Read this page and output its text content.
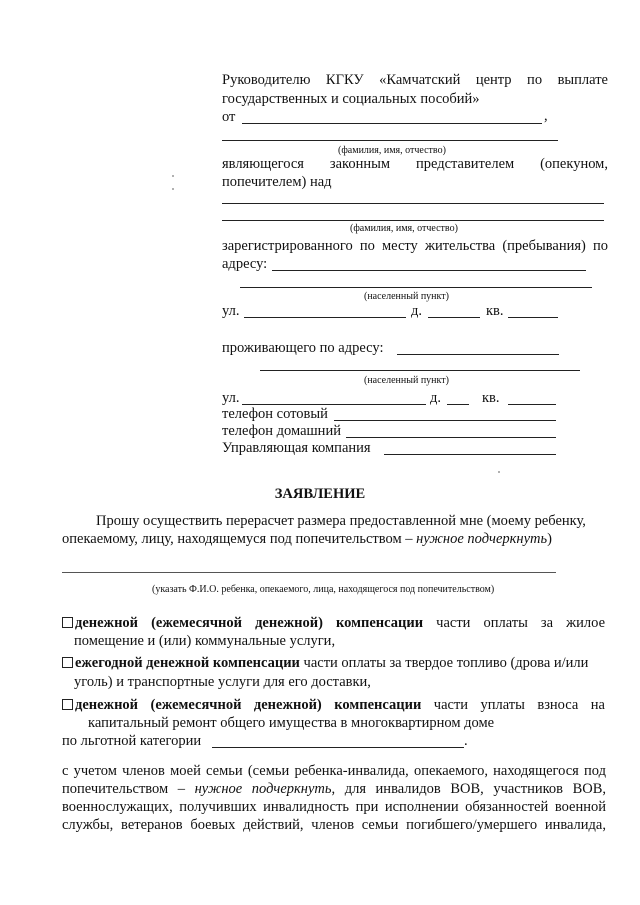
Руководителю КГКУ «Камчатский центр по выплате
государственных и социальных пособий»
от	,
(фамилия, имя, отчество)
являющегося законным представителем (опекуном,
попечителем) над
(фамилия, имя, отчество)
зарегистрированного по месту жительства (пребывания) по
адресу:
(населенный пункт)
ул.	д.	кв.
проживающего по адресу:
(населенный пункт)
ул.	д.	кв.
телефон сотовый
телефон домашний
Управляющая компания
ЗАЯВЛЕНИЕ
Прошу осуществить перерасчет размера предоставленной мне (моему ребенку,
опекаемому, лицу, находящемуся под попечительством – нужное подчеркнуть)
(указать Ф.И.О. ребенка, опекаемого, лица, находящегося под попечительством)
денежной (ежемесячной денежной) компенсации части оплаты за жилое
помещение и (или) коммунальные услуги,
ежегодной денежной компенсации части оплаты за твердое топливо (дрова и/или
уголь) и транспортные услуги для его доставки,
денежной (ежемесячной денежной) компенсации части уплаты взноса на
капитальный ремонт общего имущества в многоквартирном доме
по льготной категории	.
с учетом членов моей семьи (семьи ребенка-инвалида, опекаемого, находящегося под
попечительством – нужное подчеркнуть, для инвалидов ВОВ, участников ВОВ,
военнослужащих, получивших инвалидность при исполнении обязанностей военной
службы, ветеранов боевых действий, членов семьи погибшего/умершего инвалида,
